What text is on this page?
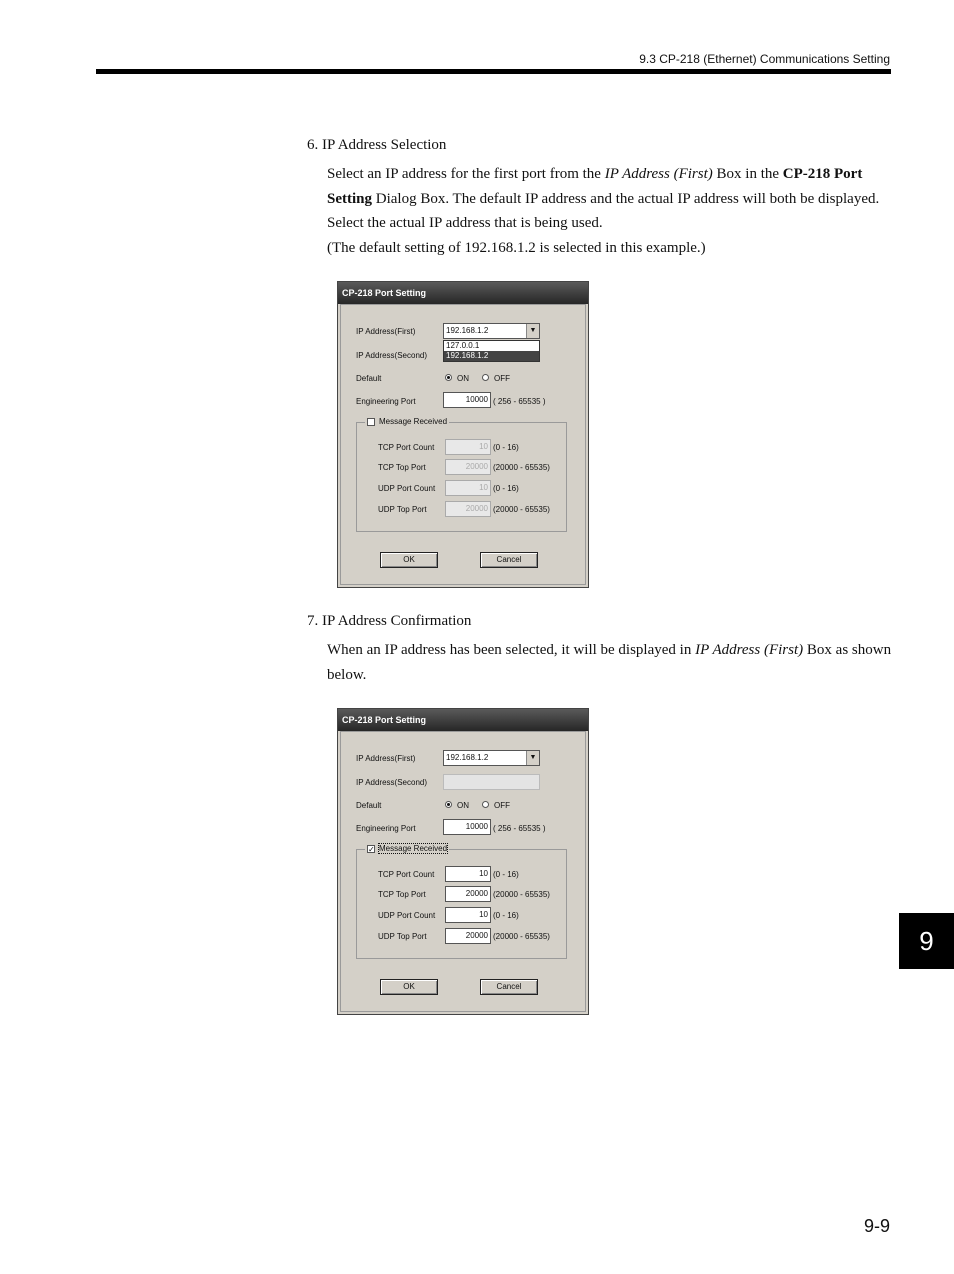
9.3 CP-218 (Ethernet) Communications Setting
6. IP Address Selection
Select an IP address for the first port from the IP Address (First) Box in the CP-218 Port Setting Dialog Box. The default IP address and the actual IP address will both be displayed. Select the actual IP address that is being used.
(The default setting of 192.168.1.2 is selected in this example.)
CP-218 Port Setting
IP Address(First)	192.168.1.2	▼
127.0.0.1
192.168.1.2
IP Address(Second)
Default	ON	OFF
Engineering Port	10000 ( 256 - 65535 )
Message Received
TCP Port Count	10 (0 - 16)
TCP Top Port	20000 (20000 - 65535)
UDP Port Count	10 (0 - 16)
UDP Top Port	20000 (20000 - 65535)
OK	Cancel
7. IP Address Confirmation
When an IP address has been selected, it will be displayed in IP Address (First) Box as shown below.
CP-218 Port Setting
IP Address(First)	192.168.1.2	▼
IP Address(Second)
Default	ON	OFF
Engineering Port	10000 ( 256 - 65535 )
✓ Message Received
TCP Port Count	10 (0 - 16)
TCP Top Port	20000 (20000 - 65535)
UDP Port Count	10 (0 - 16)
UDP Top Port	20000 (20000 - 65535)
OK	Cancel
9
9-9
